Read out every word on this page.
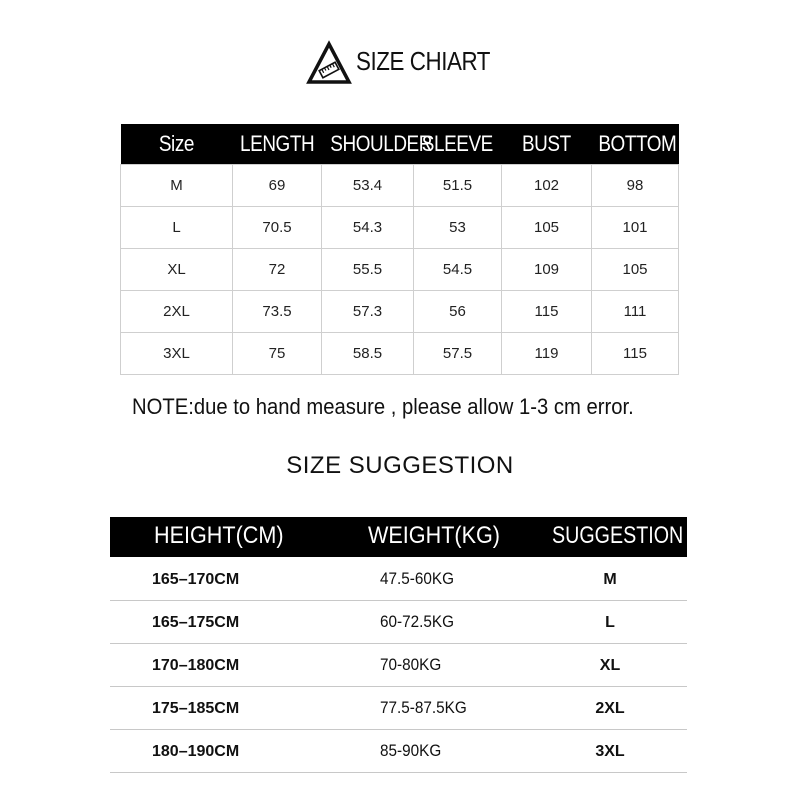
SIZE CHIART
Size	LENGTH	SHOULDER	SLEEVE	BUST	BOTTOM
M	69	53.4	51.5	102	98
L	70.5	54.3	53	105	101
XL	72	55.5	54.5	109	105
2XL	73.5	57.3	56	115	111
3XL	75	58.5	57.5	119	115
NOTE:due to hand measure , please allow 1-3 cm error.
SIZE SUGGESTION
HEIGHT(CM)	WEIGHT(KG) SUGGESTION
165–170CM	47.5-60KG	M
165–175CM	60-72.5KG	L
170–180CM	70-80KG	XL
175–185CM	77.5-87.5KG	2XL
180–190CM	85-90KG	3XL
